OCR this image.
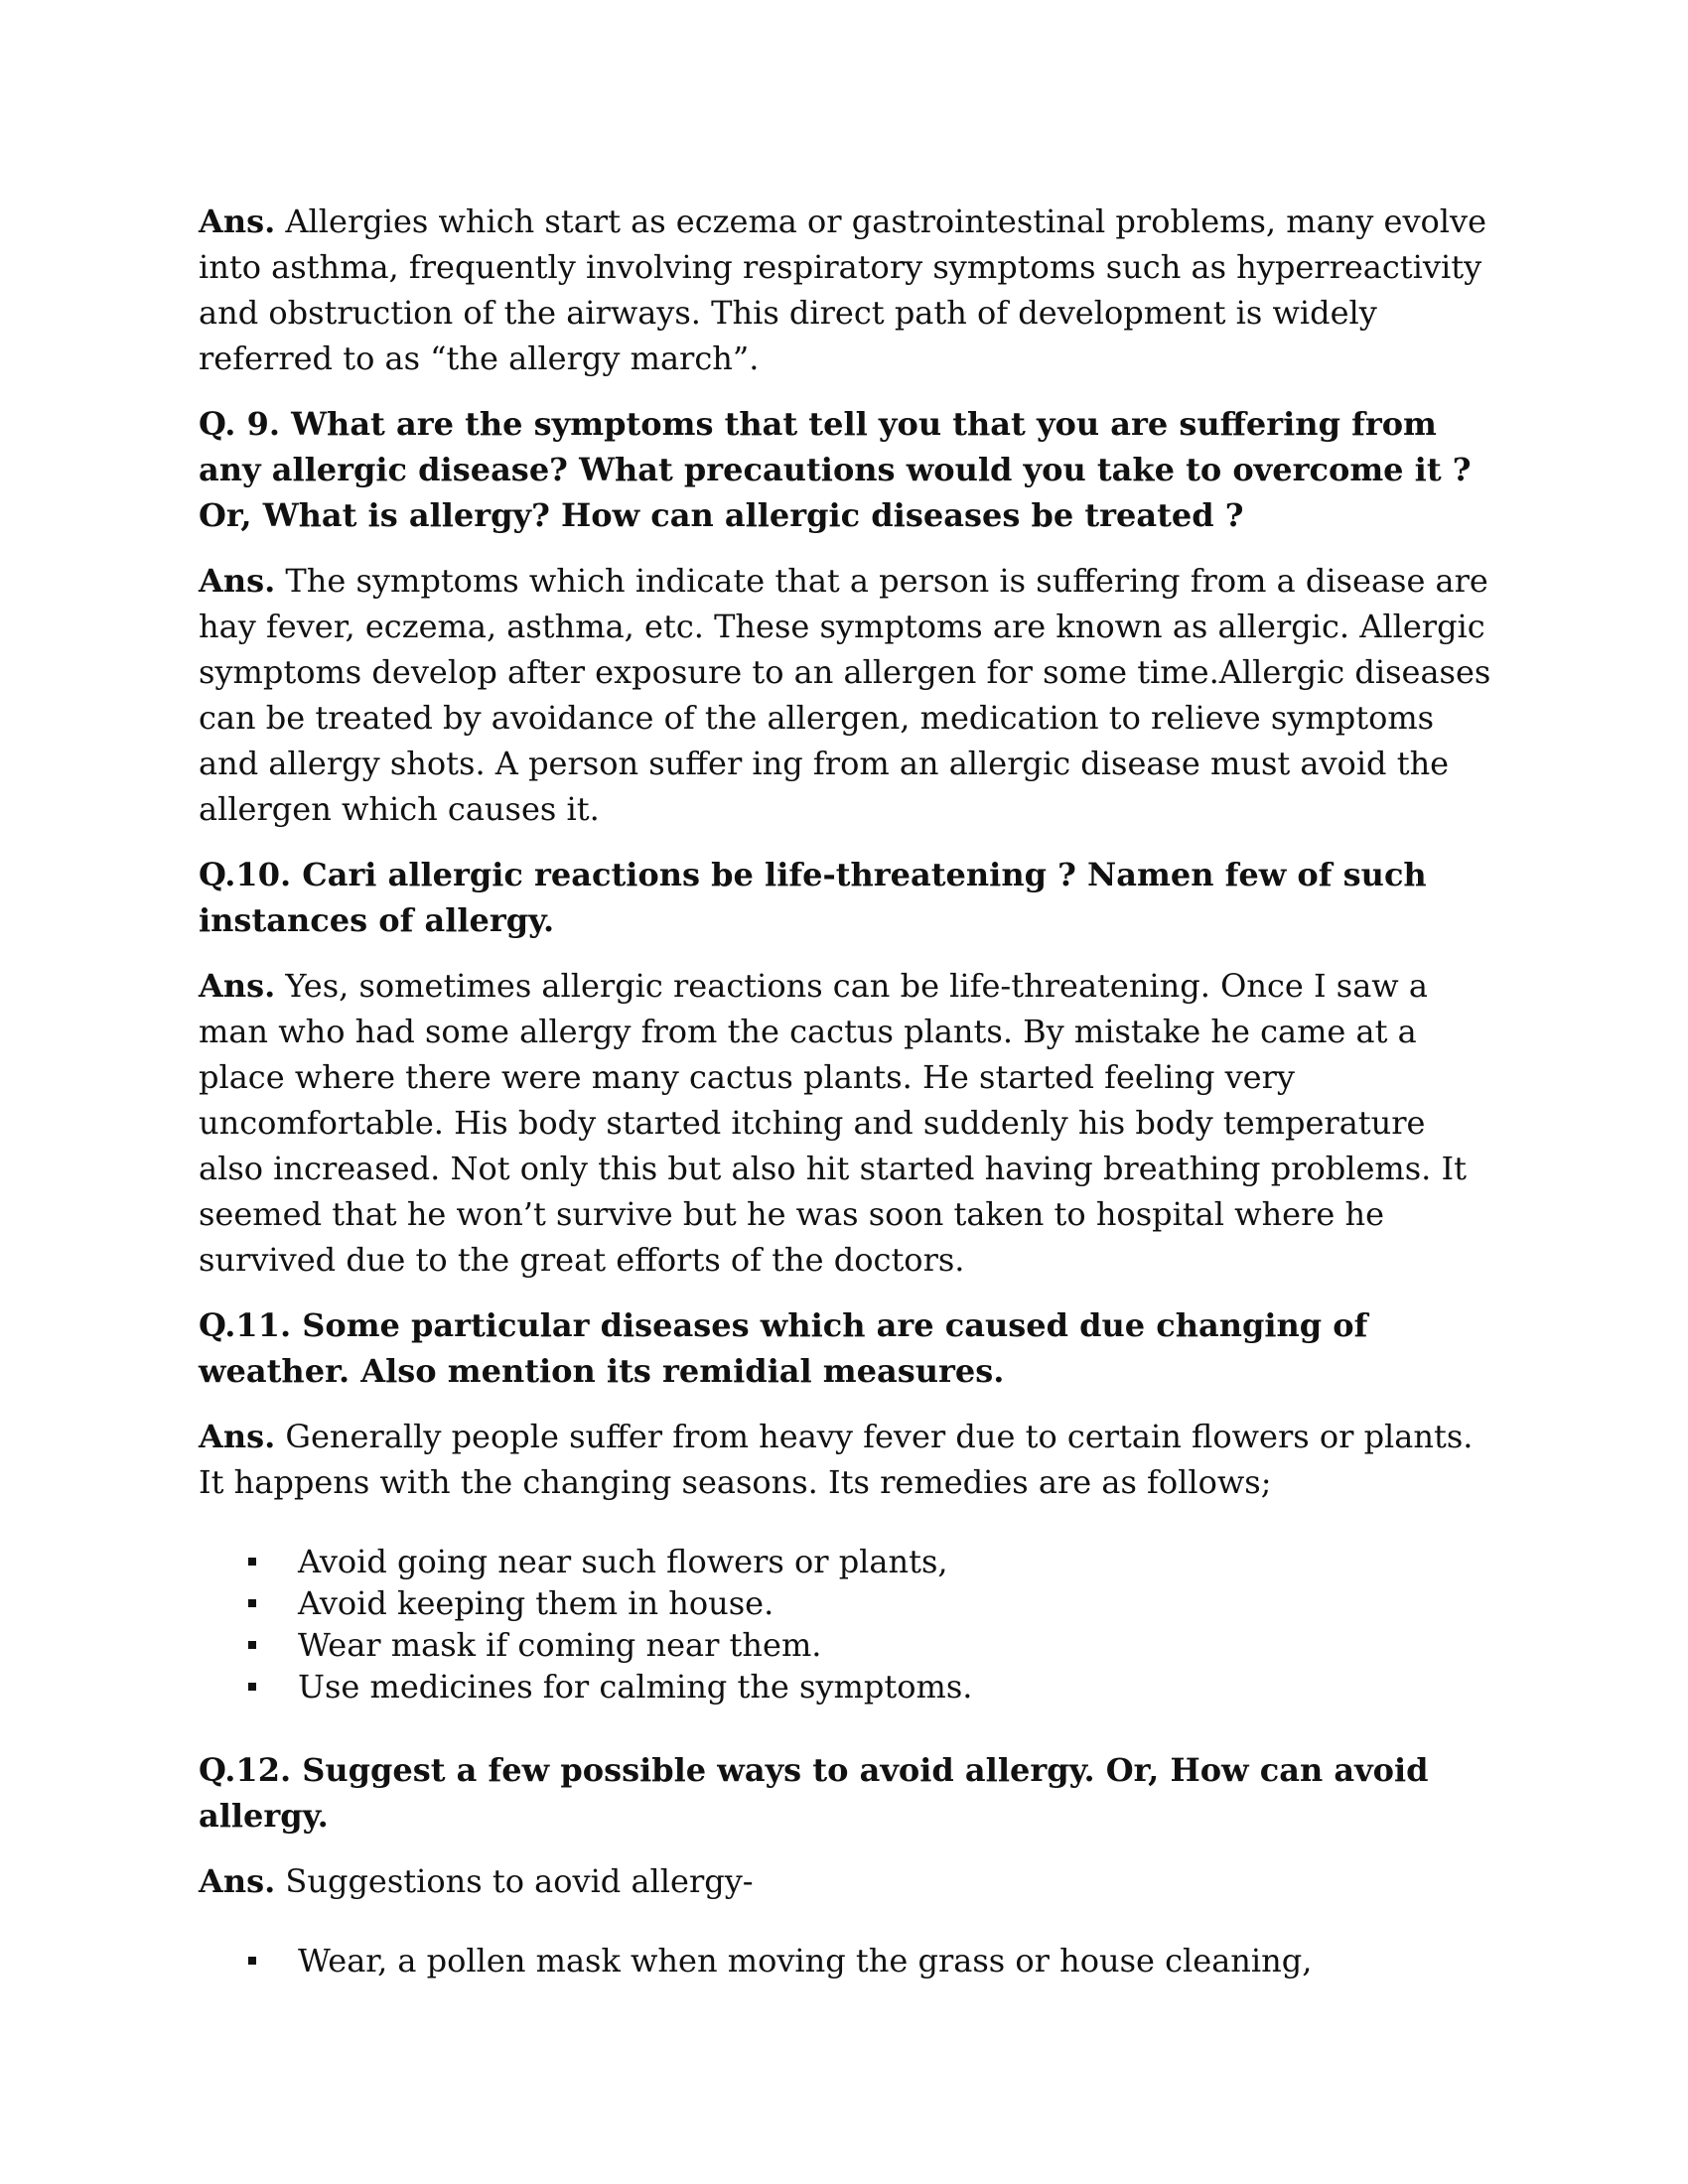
Ans. Allergies which start as eczema or gastrointestinal problems, many evolve into asthma, frequently involving respiratory symptoms such as hyperreactivity and obstruction of the airways. This direct path of development is widely referred to as “the allergy march”.

Q. 9. What are the symptoms that tell you that you are suffering from any allergic disease? What precautions would you take to overcome it ? Or, What is allergy? How can allergic diseases be treated ?

Ans. The symptoms which indicate that a person is suffering from a disease are hay fever, eczema, asthma, etc. These symptoms are known as allergic. Allergic symptoms develop after exposure to an allergen for some time.Allergic diseases can be treated by avoidance of the allergen, medication to relieve symptoms and allergy shots. A person suffer ing from an allergic disease must avoid the allergen which causes it.

Q.10. Cari allergic reactions be life-threatening ? Namen few of such instances of allergy.

Ans. Yes, sometimes allergic reactions can be life-threatening. Once I saw a man who had some allergy from the cactus plants. By mistake he came at a place where there were many cactus plants. He started feeling very uncomfortable. His body started itching and suddenly his body temperature also increased. Not only this but also hit started having breathing problems. It seemed that he won’t survive but he was soon taken to hospital where he survived due to the great efforts of the doctors.

Q.11. Some particular diseases which are caused due changing of weather. Also mention its remidial measures.

Ans. Generally people suffer from heavy fever due to certain flowers or plants. It happens with the changing seasons. Its remedies are as follows;

Avoid going near such flowers or plants,
Avoid keeping them in house.
Wear mask if coming near them.
Use medicines for calming the symptoms.

Q.12. Suggest a few possible ways to avoid allergy. Or, How can avoid allergy.

Ans. Suggestions to aovid allergy-

Wear, a pollen mask when moving the grass or house cleaning,
